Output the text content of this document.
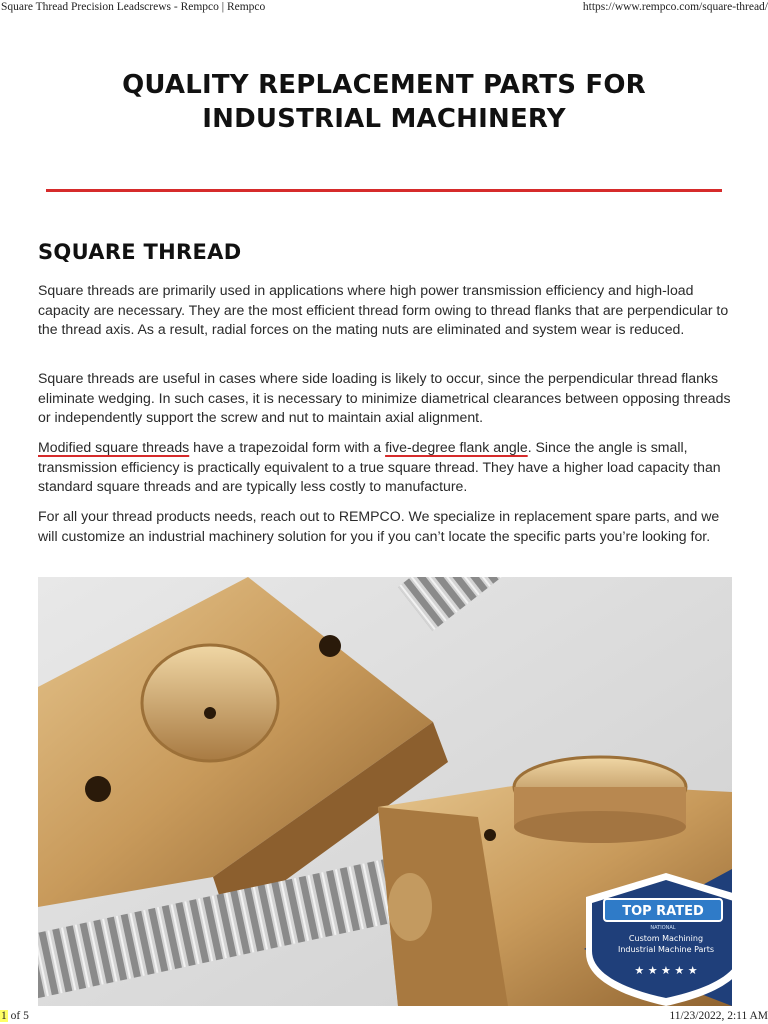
Square Thread Precision Leadscrews - Rempco | Rempco	https://www.rempco.com/square-thread/
QUALITY REPLACEMENT PARTS FOR
INDUSTRIAL MACHINERY
SQUARE THREAD

Square threads are primarily used in applications where high power transmission efficiency and high-load capacity are necessary. They are the most efficient thread form owing to thread flanks that are perpendicular to the thread axis. As a result, radial forces on the mating nuts are eliminated and system wear is reduced.

Square threads are useful in cases where side loading is likely to occur, since the perpendicular thread flanks eliminate wedging. In such cases, it is necessary to minimize diametrical clearances between opposing threads or independently support the screw and nut to maintain axial alignment.

Modified square threads have a trapezoidal form with a five-degree flank angle. Since the angle is small, transmission efficiency is practically equivalent to a true square thread. They have a higher load capacity than standard square threads and are typically less costly to manufacture.

For all your thread products needs, reach out to REMPCO. We specialize in replacement spare parts, and we will customize an industrial machinery solution for you if you can’t locate the specific parts you’re looking for.

TOP RATED
NATIONAL
Custom Machining
Industrial Machine Parts
★ ★ ★ ★ ★
1 of 5	11/23/2022, 2:11 AM
